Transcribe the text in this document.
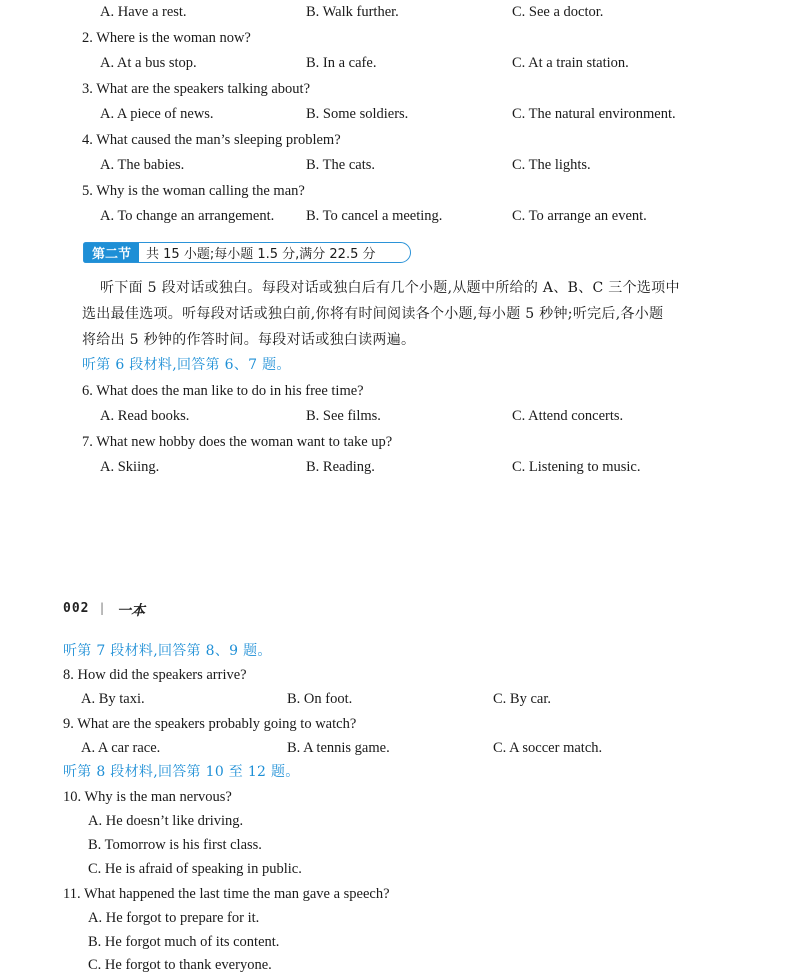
A. Have a rest.	B. Walk further.	C. See a doctor.
2. Where is the woman now?
A. At a bus stop.	B. In a cafe.	C. At a train station.
3. What are the speakers talking about?
A. A piece of news.	B. Some soldiers.	C. The natural environment.
4. What caused the man’s sleeping problem?
A. The babies.	B. The cats.	C. The lights.
5. Why is the woman calling the man?
A. To change an arrangement. B. To cancel a meeting.	C. To arrange an event.
第二节	共 15 小题;每小题 1.5 分,满分 22.5 分
听下面 5 段对话或独白。每段对话或独白后有几个小题,从题中所给的 A、B、C 三个选项中
选出最佳选项。听每段对话或独白前,你将有时间阅读各个小题,每小题 5 秒钟;听完后,各小题
将给出 5 秒钟的作答时间。每段对话或独白读两遍。
听第 6 段材料,回答第 6、7 题。
6. What does the man like to do in his free time?
A. Read books.	B. See films.	C. Attend concerts.
7. What new hobby does the woman want to take up?
A. Skiing.	B. Reading.	C. Listening to music.
002 | 一本
听第 7 段材料,回答第 8、9 题。
8. How did the speakers arrive?
A. By taxi.	B. On foot.	C. By car.
9. What are the speakers probably going to watch?
A. A car race.	B. A tennis game.	C. A soccer match.
听第 8 段材料,回答第 10 至 12 题。
10. Why is the man nervous?
A. He doesn’t like driving.
B. Tomorrow is his first class.
C. He is afraid of speaking in public.
11. What happened the last time the man gave a speech?
A. He forgot to prepare for it.
B. He forgot much of its content.
C. He forgot to thank everyone.
